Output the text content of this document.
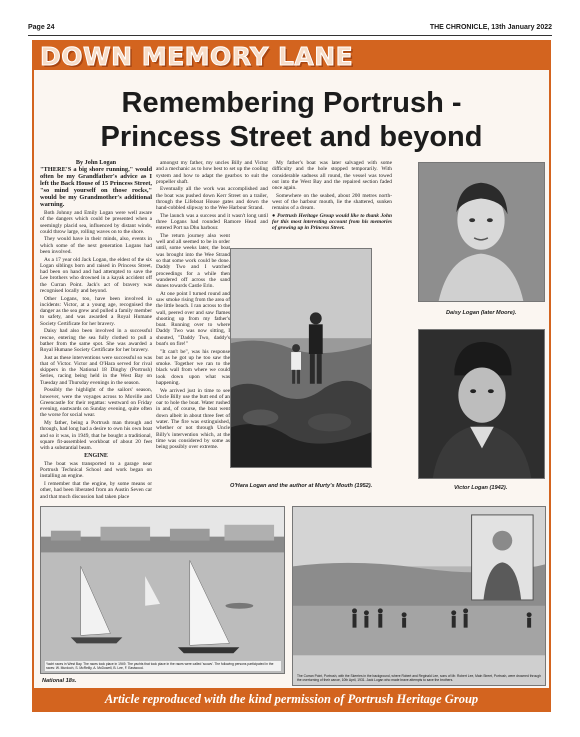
Page 24	THE CHRONICLE, 13th January 2022
DOWN MEMORY LANE
Remembering Portrush -
Princess Street and beyond

By John Logan

"THERE'S a big shore running," would often be my Grandfather's advice as I left the Back House of 15 Princess Street, "so mind yourself on those rocks," would be my Grandmother's additional warning.

Both Johnny and Emily Logan were well aware of the dangers which could be presented when a seemingly placid sea, influenced by distant winds, could throw large, rolling waves on to the shore.

They would have in their minds, also, events in which some of the next generation Logans had been involved.

As a 17 year old Jack Logan, the eldest of the six Logan siblings born and raised in Princess Street, had been on hand and had attempted to save the Lee brothers who drowned in a kayak accident off the Curran Point. Jack's act of bravery was recognised locally and beyond.

Other Logans, too, have been involved in incidents: Victor, at a young age, recognised the danger as the sea grew and pulled a family member to safety, and was awarded a Royal Humane Society Certificate for her bravery.

Daisy had also been involved in a successful rescue, entering the sea fully clothed to pull a bather from the same spot. She was awarded a Royal Humane Society Certificate for her bravery.

Just as these interventions were successful so was that of Victor. Victor and O'Hara served for rival skippers in the National 18 Dinghy (Portrush) Series, racing being held in the West Bay on Tuesday and Thursday evenings in the season.

Possibly the highlight of the sailors' season, however, were the voyages across to Moville and Greencastle for their regattas: westward on Friday evening, eastwards on Sunday evening, quite often the worse for social wear.

My father, being a Portrush man through and through, had long had a desire to own his own boat and so it was, in 1949, that he bought a traditional, square fit-assembled workboat of about 20 feet with a substantial beam.

ENGINE

The boat was transported to a garage near Portrush Technical School and work began on installing an engine.

I remember that the engine, by some means or other, had been liberated from an Austin Seven car and that much discussion had taken place

amongst my father, my uncles Billy and Victor and a mechanic as to how best to set up the cooling system and how to adapt the gearbox to suit the propeller shaft.

Eventually all the work was accomplished and the boat was pushed down Kerr Street on a trailer, through the Lifeboat House gates and down the hand-cobbled slipway to the Wee Harbour Strand.

The launch was a success and it wasn't long until three Logans had rounded Ramore Head and entered Port na Dhu harbour.

The return journey also went well and all seemed to be in order until, some weeks later, the boat was brought into the Wee Strand so that some work could be done. Daddy Two and I watched proceedings for a while then wandered off across the sand dunes towards Castle Erin.

At one point I turned round and saw smoke rising from the area of the little beach. I ran across to the wall, peered over and saw flames shooting up from my father's boat. Running over to where Daddy Two was now sitting, I shouted, "Daddy Two, daddy's boat's on fire!"

"It can't be", was his response but as he got up he too saw the smoke. Together we ran to the black wall from where we could look down upon what was happening.

We arrived just in time to see Uncle Billy use the butt end of an oar to hole the boat. Water rushed in and, of course, the boat went down albeit in about three feet of water. The fire was extinguished, whether or not through Uncle Billy's intervention which, at the time was considered by some as being possibly over extreme.

My father's boat was later salvaged with some difficulty and the hole stopped temporarily. With considerable sadness all round, the vessel was towed out into the West Bay and the repaired section faded once again.

Somewhere on the seabed, about 200 metres north-west of the harbour mouth, lie the shattered, sunken remains of a dream.

● Portrush Heritage Group would like to thank John for this most interesting account from his memories of growing up in Princess Street.

O'Hara Logan and the author at Murty's Mouth (1952).
Daisy Logan (later Moore).
Victor Logan (1942).
Yacht races in West Bay. The races took place in 1949. The yachts that took place in the races were called 'scows'. The following persons participated in the races: W. Murdoch, S. McReilly, A. McDowell, B. Lee, F. Eastwood.
National 18s.
The Curran Point, Portrush, with the Skerries in the background, where Robert and Reginald Lee, sons of Mr. Robert Lee, Main Street, Portrush, were drowned through the overturning of their canoe, 10th April, 1931. Jack Logan who made brave attempts to save the brothers.
Article reproduced with the kind permission of Portrush Heritage Group
